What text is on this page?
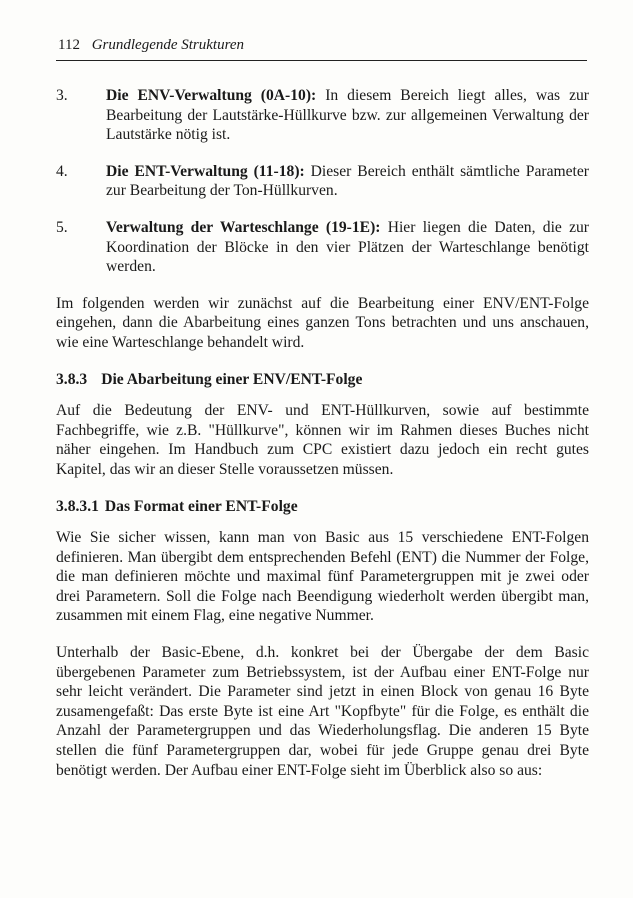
112 Grundlegende Strukturen
3.	Die ENV-Verwaltung (0A-10): In diesem Bereich liegt alles, was zur Bearbeitung der Lautstärke-Hüllkurve bzw. zur allgemeinen Verwaltung der Lautstärke nötig ist.
4.	Die ENT-Verwaltung (11-18): Dieser Bereich enthält sämtliche Parameter zur Bearbeitung der Ton-Hüllkurven.
5.	Verwaltung der Warteschlange (19-1E): Hier liegen die Daten, die zur Koordination der Blöcke in den vier Plätzen der Warteschlange benötigt werden.

Im folgenden werden wir zunächst auf die Bearbeitung einer ENV/ENT-Folge eingehen, dann die Abarbeitung eines ganzen Tons betrachten und uns anschauen, wie eine Warteschlange behandelt wird.

3.8.3 Die Abarbeitung einer ENV/ENT-Folge

Auf die Bedeutung der ENV- und ENT-Hüllkurven, sowie auf bestimmte Fachbegriffe, wie z.B. "Hüllkurve", können wir im Rahmen dieses Buches nicht näher eingehen. Im Handbuch zum CPC existiert dazu jedoch ein recht gutes Kapitel, das wir an dieser Stelle voraussetzen müssen.

3.8.3.1 Das Format einer ENT-Folge

Wie Sie sicher wissen, kann man von Basic aus 15 verschiedene ENT-Folgen definieren. Man übergibt dem entsprechenden Befehl (ENT) die Nummer der Folge, die man definieren möchte und maximal fünf Parametergruppen mit je zwei oder drei Parametern. Soll die Folge nach Beendigung wiederholt werden übergibt man, zusammen mit einem Flag, eine negative Nummer.

Unterhalb der Basic-Ebene, d.h. konkret bei der Übergabe der dem Basic übergebenen Parameter zum Betriebssystem, ist der Aufbau einer ENT-Folge nur sehr leicht verändert. Die Parameter sind jetzt in einen Block von genau 16 Byte zusamengefaßt: Das erste Byte ist eine Art "Kopfbyte" für die Folge, es enthält die Anzahl der Parametergruppen und das Wiederholungsflag. Die anderen 15 Byte stellen die fünf Parametergruppen dar, wobei für jede Gruppe genau drei Byte benötigt werden. Der Aufbau einer ENT-Folge sieht im Überblick also so aus:
